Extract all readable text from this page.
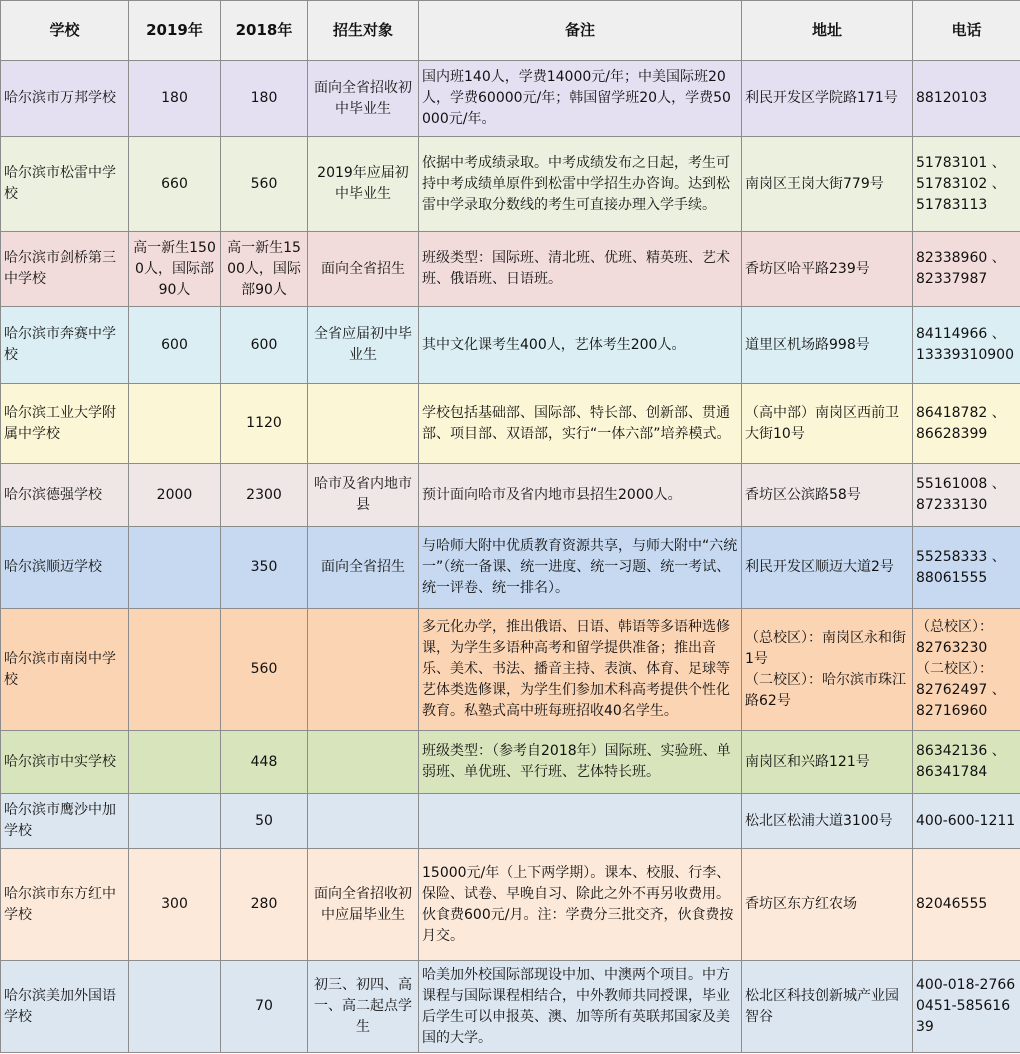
学校	2019年	2018年	招生对象	备注	地址	电话
哈尔滨市万邦学校	180	180	面向全省招收初中毕业生	国内班140人，学费14000元/年；中美国际班20人，学费60000元/年；韩国留学班20人，学费50000元/年。	利民开发区学院路171号	88120103
哈尔滨市松雷中学校	660	560	2019年应届初中毕业生	依据中考成绩录取。中考成绩发布之日起，考生可持中考成绩单原件到松雷中学招生办咨询。达到松雷中学录取分数线的考生可直接办理入学手续。	南岗区王岗大街779号	51783101 、
51783102 、
51783113
哈尔滨市剑桥第三中学校	高一新生1500人，国际部90人	高一新生1500人，国际部90人	面向全省招生	班级类型：国际班、清北班、优班、精英班、艺术班、俄语班、日语班。	香坊区哈平路239号	82338960 、
82337987
哈尔滨市奔赛中学校	600	600	全省应届初中毕业生	其中文化课考生400人，艺体考生200人。	道里区机场路998号	84114966 、
13339310900
哈尔滨工业大学附属中学校		1120		学校包括基础部、国际部、特长部、创新部、贯通部、项目部、双语部，实行“一体六部”培养模式。	（高中部）南岗区西前卫大街10号	86418782 、
86628399
哈尔滨德强学校	2000	2300	哈市及省内地市县	预计面向哈市及省内地市县招生2000人。	香坊区公滨路58号	55161008 、
87233130
哈尔滨顺迈学校		350	面向全省招生	与哈师大附中优质教育资源共享，与师大附中“六统一”（统一备课、统一进度、统一习题、统一考试、统一评卷、统一排名）。	利民开发区顺迈大道2号	55258333 、
88061555
哈尔滨市南岗中学校		560		多元化办学，推出俄语、日语、韩语等多语种选修课，为学生多语种高考和留学提供准备；推出音乐、美术、书法、播音主持、表演、体育、足球等艺体类选修课，为学生们参加术科高考提供个性化教育。私塾式高中班每班招收40名学生。	（总校区）：南岗区永和街1号
（二校区）：哈尔滨市珠江路62号	（总校区）：
82763230
（二校区）：
82762497 、
82716960
哈尔滨市中实学校		448		班级类型：（参考自2018年）国际班、实验班、单弱班、单优班、平行班、艺体特长班。	南岗区和兴路121号	86342136 、
86341784
哈尔滨市鹰沙中加学校		50			松北区松浦大道3100号	400-600-1211
哈尔滨市东方红中学校	300	280	面向全省招收初中应届毕业生	15000元/年（上下两学期）。课本、校服、行李、保险、试卷、早晚自习、除此之外不再另收费用。
伙食费600元/月。注：学费分三批交齐，伙食费按月交。	香坊区东方红农场	82046555
哈尔滨美加外国语学校		70	初三、初四、高一、高二起点学生	哈美加外校国际部现设中加、中澳两个项目。中方课程与国际课程相结合，中外教师共同授课，毕业后学生可以申报英、澳、加等所有英联邦国家及美国的大学。	松北区科技创新城产业园智谷	400-018-2766
0451-58561639
